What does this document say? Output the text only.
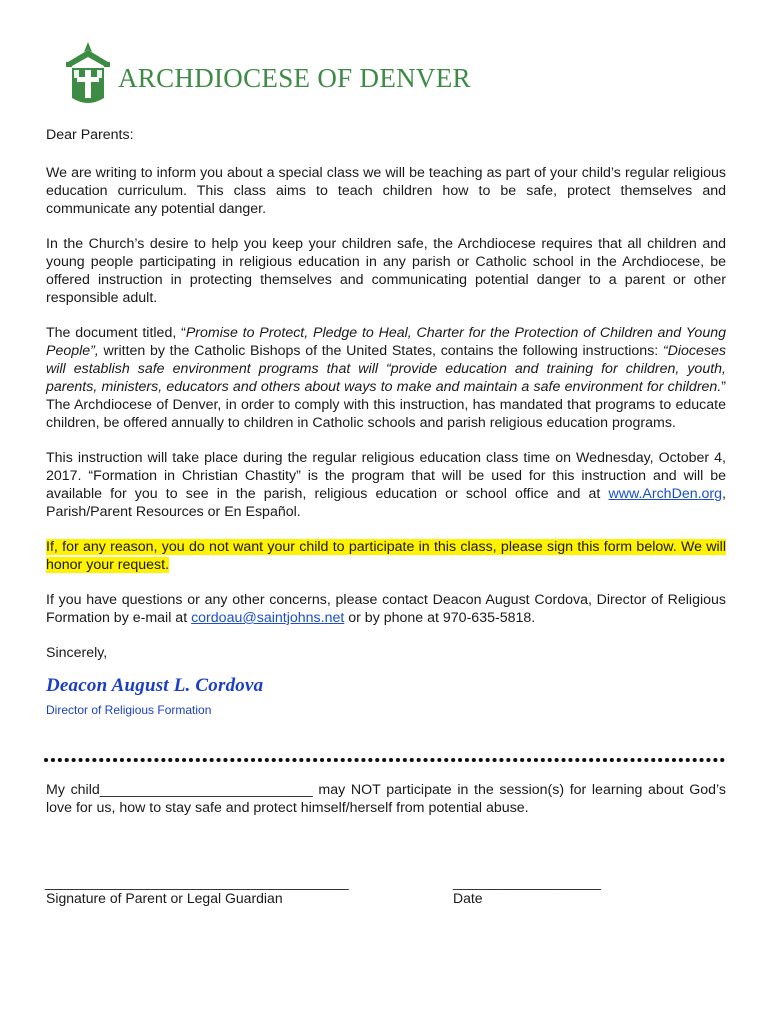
ARCHDIOCESE OF DENVER

Dear Parents:

We are writing to inform you about a special class we will be teaching as part of your child’s regular religious education curriculum. This class aims to teach children how to be safe, protect themselves and communicate any potential danger.

In the Church’s desire to help you keep your children safe, the Archdiocese requires that all children and young people participating in religious education in any parish or Catholic school in the Archdiocese, be offered instruction in protecting themselves and communicating potential danger to a parent or other responsible adult.

The document titled, “Promise to Protect, Pledge to Heal, Charter for the Protection of Children and Young People”, written by the Catholic Bishops of the United States, contains the following instructions: “Dioceses will establish safe environment programs that will “provide education and training for children, youth, parents, ministers, educators and others about ways to make and maintain a safe environment for children.” The Archdiocese of Denver, in order to comply with this instruction, has mandated that programs to educate children, be offered annually to children in Catholic schools and parish religious education programs.

This instruction will take place during the regular religious education class time on Wednesday, October 4, 2017. “Formation in Christian Chastity” is the program that will be used for this instruction and will be available for you to see in the parish, religious education or school office and at www.ArchDen.org, Parish/Parent Resources or En Español.

If, for any reason, you do not want your child to participate in this class, please sign this form below. We will honor your request.

If you have questions or any other concerns, please contact Deacon August Cordova, Director of Religious Formation by e-mail at cordoau@saintjohns.net or by phone at 970-635-5818.

Sincerely,

Deacon August L. Cordova
Director of Religious Formation

My child___________________________ may NOT participate in the session(s) for learning about God’s love for us, how to stay safe and protect himself/herself from potential abuse.

_______________________________________	___________________
Signature of Parent or Legal Guardian	Date
